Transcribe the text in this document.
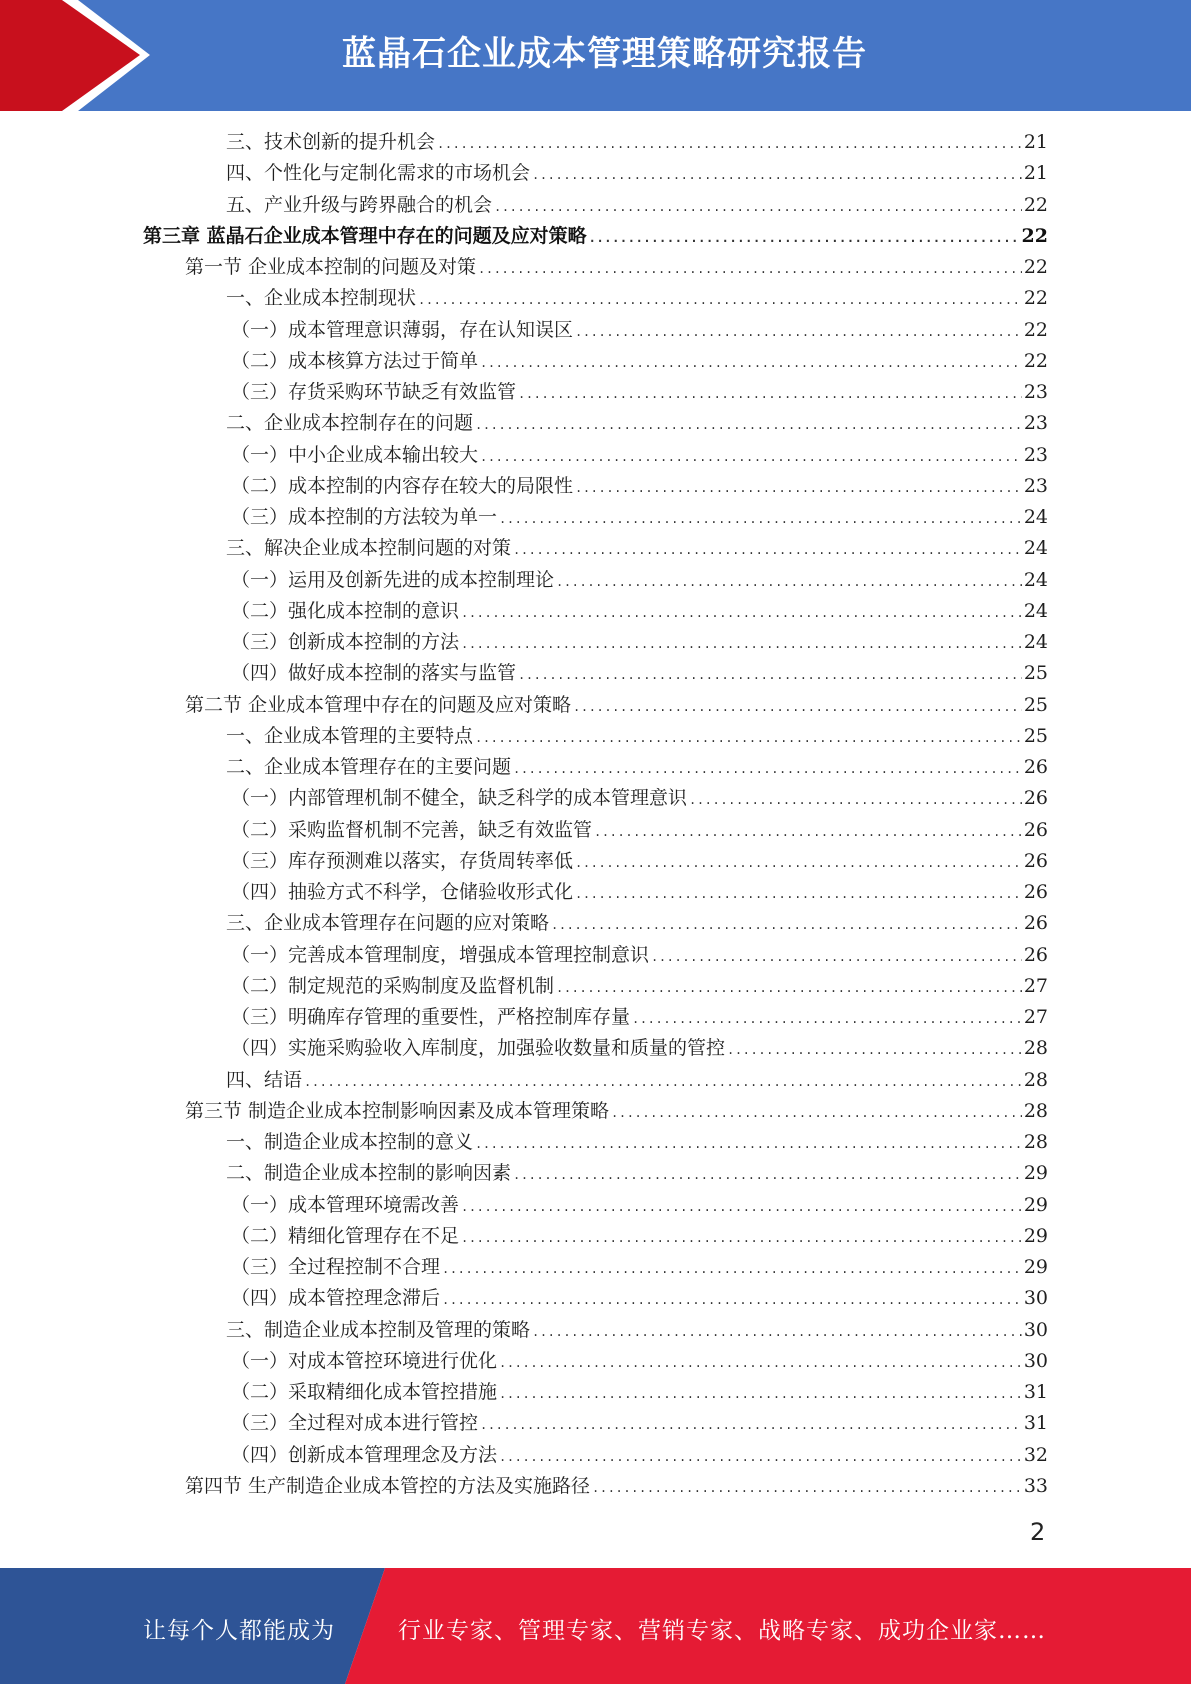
蓝晶石企业成本管理策略研究报告
三、技术创新的提升机会 .....	21
四、个性化与定制化需求的市场机会 .....	21
五、产业升级与跨界融合的机会 .....	22
第三章 蓝晶石企业成本管理中存在的问题及应对策略 .....	22
第一节 企业成本控制的问题及对策 .....	22
一、企业成本控制现状 .....	22
（一）成本管理意识薄弱，存在认知误区 .....	22
（二）成本核算方法过于简单 .....	22
（三）存货采购环节缺乏有效监管 .....	23
二、企业成本控制存在的问题 .....	23
（一）中小企业成本输出较大 .....	23
（二）成本控制的内容存在较大的局限性 .....	23
（三）成本控制的方法较为单一 .....	24
三、解决企业成本控制问题的对策 .....	24
（一）运用及创新先进的成本控制理论 .....	24
（二）强化成本控制的意识 .....	24
（三）创新成本控制的方法 .....	24
（四）做好成本控制的落实与监管 .....	25
第二节 企业成本管理中存在的问题及应对策略 .....	25
一、企业成本管理的主要特点 .....	25
二、企业成本管理存在的主要问题 .....	26
（一）内部管理机制不健全，缺乏科学的成本管理意识 .....	26
（二）采购监督机制不完善，缺乏有效监管 .....	26
（三）库存预测难以落实，存货周转率低 .....	26
（四）抽验方式不科学，仓储验收形式化 .....	26
三、企业成本管理存在问题的应对策略 .....	26
（一）完善成本管理制度，增强成本管理控制意识 .....	26
（二）制定规范的采购制度及监督机制 .....	27
（三）明确库存管理的重要性，严格控制库存量 .....	27
（四）实施采购验收入库制度，加强验收数量和质量的管控 .....	28
四、结语 .....	28
第三节 制造企业成本控制影响因素及成本管理策略 .....	28
一、制造企业成本控制的意义 .....	28
二、制造企业成本控制的影响因素 .....	29
（一）成本管理环境需改善 .....	29
（二）精细化管理存在不足 .....	29
（三）全过程控制不合理 .....	29
（四）成本管控理念滞后 .....	30
三、制造企业成本控制及管理的策略 .....	30
（一）对成本管控环境进行优化 .....	30
（二）采取精细化成本管控措施 .....	31
（三）全过程对成本进行管控 .....	31
（四）创新成本管理理念及方法 .....	32
第四节 生产制造企业成本管控的方法及实施路径 .....	33
2
让每个人都能成为	行业专家、管理专家、营销专家、战略专家、成功企业家……
